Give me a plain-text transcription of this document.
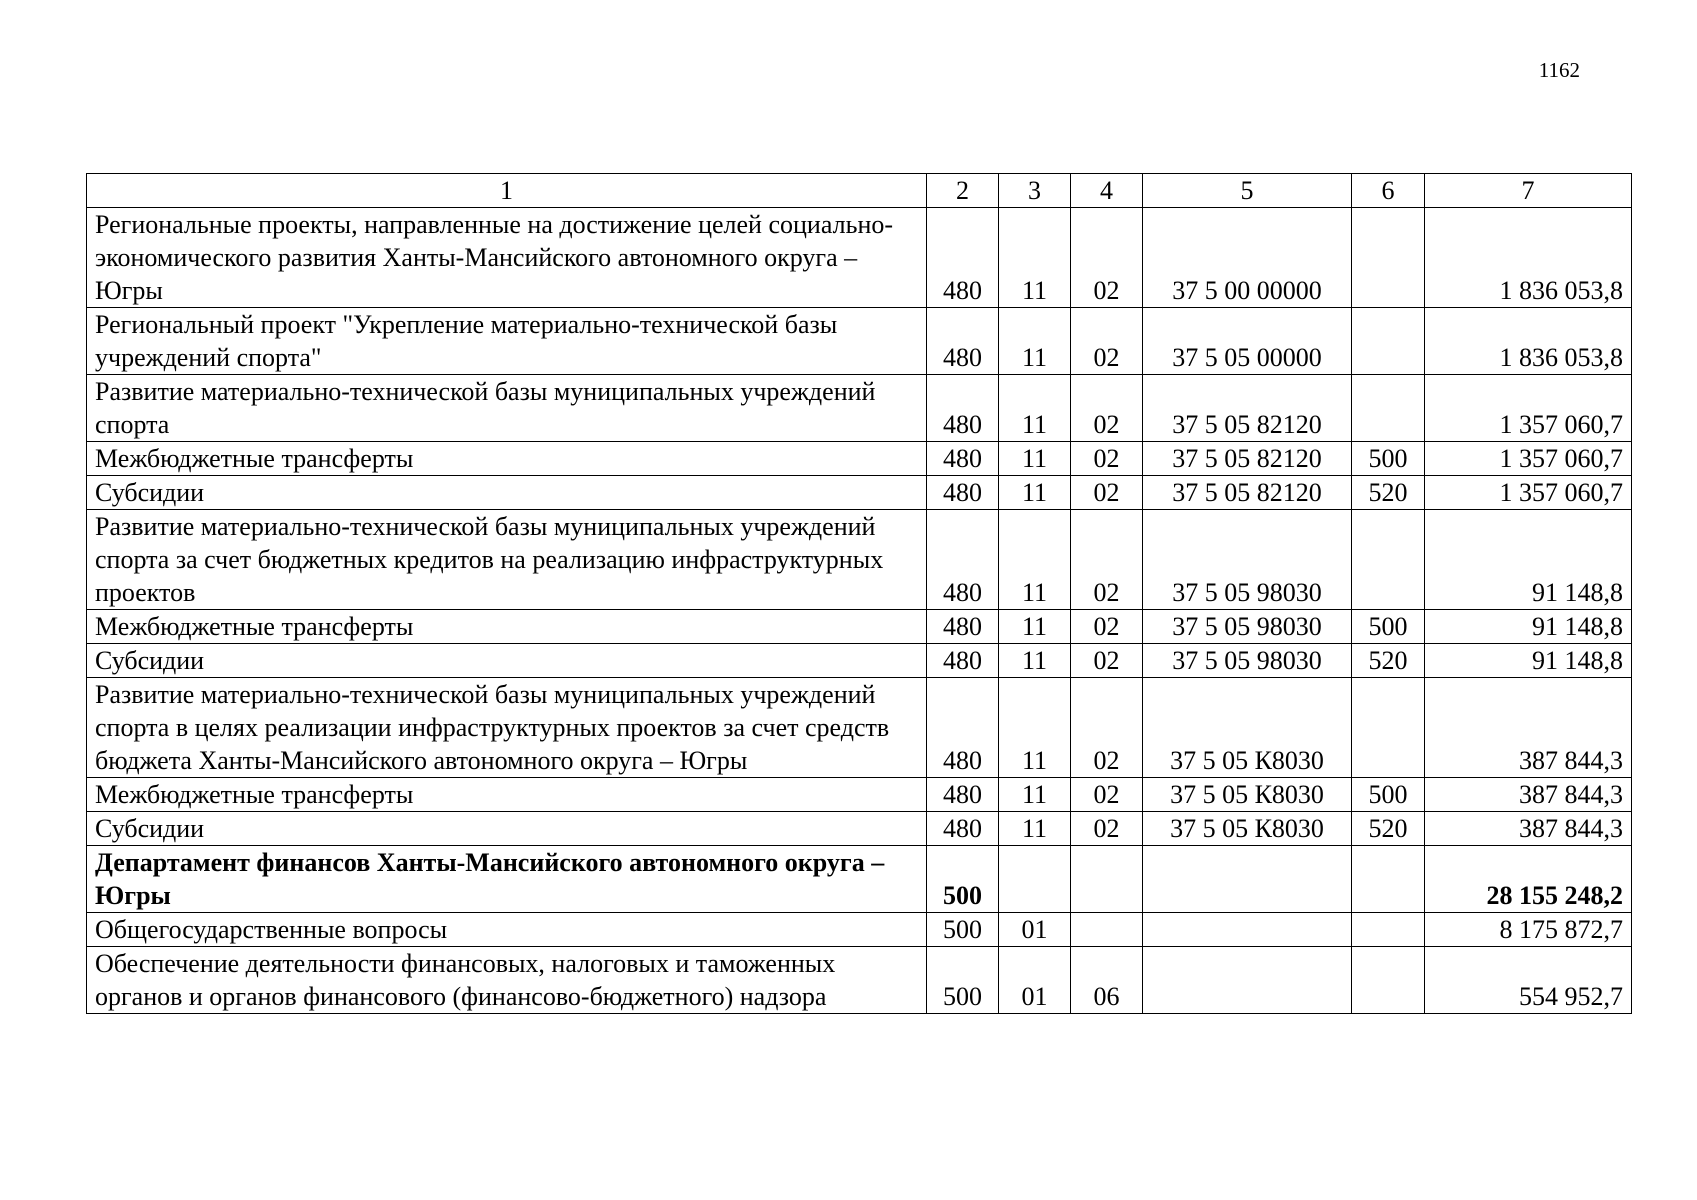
1162
1	2	3	4	5	6	7
Региональные проекты, направленные на достижение целей социально-экономического развития Ханты-Мансийского автономного округа – Югры	480	11	02	37 5 00 00000		1 836 053,8
Региональный проект "Укрепление материально-технической базы учреждений спорта"	480	11	02	37 5 05 00000		1 836 053,8
Развитие материально-технической базы муниципальных учреждений спорта	480	11	02	37 5 05 82120		1 357 060,7
Межбюджетные трансферты	480	11	02	37 5 05 82120	500	1 357 060,7
Субсидии	480	11	02	37 5 05 82120	520	1 357 060,7
Развитие материально-технической базы муниципальных учреждений спорта за счет бюджетных кредитов на реализацию инфраструктурных проектов	480	11	02	37 5 05 98030		91 148,8
Межбюджетные трансферты	480	11	02	37 5 05 98030	500	91 148,8
Субсидии	480	11	02	37 5 05 98030	520	91 148,8
Развитие материально-технической базы муниципальных учреждений спорта в целях реализации инфраструктурных проектов за счет средств бюджета Ханты-Мансийского автономного округа – Югры	480	11	02	37 5 05 К8030		387 844,3
Межбюджетные трансферты	480	11	02	37 5 05 К8030	500	387 844,3
Субсидии	480	11	02	37 5 05 К8030	520	387 844,3
Департамент финансов Ханты-Мансийского автономного округа – Югры	500					28 155 248,2
Общегосударственные вопросы	500	01				8 175 872,7
Обеспечение деятельности финансовых, налоговых и таможенных органов и органов финансового (финансово-бюджетного) надзора	500	01	06			554 952,7
